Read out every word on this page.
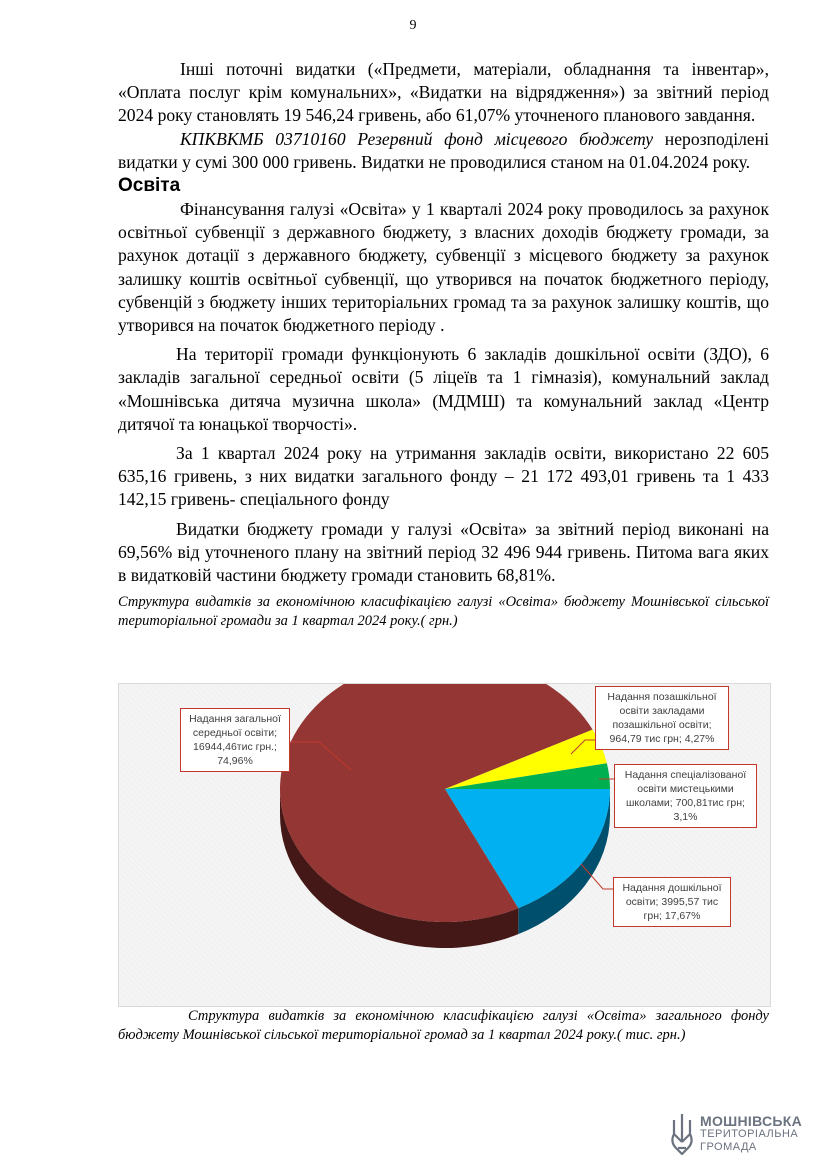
9

Інші поточні видатки («Предмети, матеріали, обладнання та інвентар», «Оплата послуг крім комунальних», «Видатки на відрядження») за звітний період 2024 року становлять 19 546,24 гривень, або 61,07% уточненого планового завдання.

КПКВКМБ 03710160 Резервний фонд місцевого бюджету нерозподілені видатки у сумі 300 000 гривень. Видатки не проводилися станом на 01.04.2024 року.

Освіта

Фінансування галузі «Освіта» у 1 кварталі 2024 року проводилось за рахунок освітньої субвенції з державного бюджету, з власних доходів бюджету громади, за рахунок дотації з державного бюджету, субвенції з місцевого бюджету за рахунок залишку коштів освітньої субвенції, що утворився на початок бюджетного періоду, субвенцій з бюджету інших територіальних громад та за рахунок залишку коштів, що утворився на початок бюджетного періоду .

На території громади функціонують 6 закладів дошкільної освіти (ЗДО), 6 закладів загальної середньої освіти (5 ліцеїв та 1 гімназія), комунальний заклад «Мошнівська дитяча музична школа» (МДМШ) та комунальний заклад «Центр дитячої та юнацької творчості».

За 1 квартал 2024 року на утримання закладів освіти, використано 22 605 635,16 гривень, з них видатки загального фонду – 21 172 493,01 гривень та 1 433 142,15 гривень- спеціального фонду

Видатки бюджету громади у галузі «Освіта» за звітний період виконані на 69,56% від уточненого плану на звітний період 32 496 944 гривень. Питома вага яких в видатковій частини бюджету громади становить 68,81%.

Структура видатків за економічною класифікацією галузі «Освіта» бюджету Мошнівської сільської територіальної громади за 1 квартал 2024 року.( грн.)

Надання загальної середньої освіти; 16944,46тис грн.; 74,96%
Надання позашкільної освіти закладами позашкільної освіти; 964,79 тис грн; 4,27%
Надання спеціалізованої освіти мистецькими школами; 700,81тис грн; 3,1%
Надання дошкільної освіти; 3995,57 тис грн; 17,67%
Структура видатків за економічною класифікацією галузі «Освіта» загального фонду бюджету Мошнівської сільської територіальної громад за 1 квартал 2024 року.( тис. грн.)
МОШНІВСЬКА
ТЕРИТОРІАЛЬНА
ГРОМАДА
